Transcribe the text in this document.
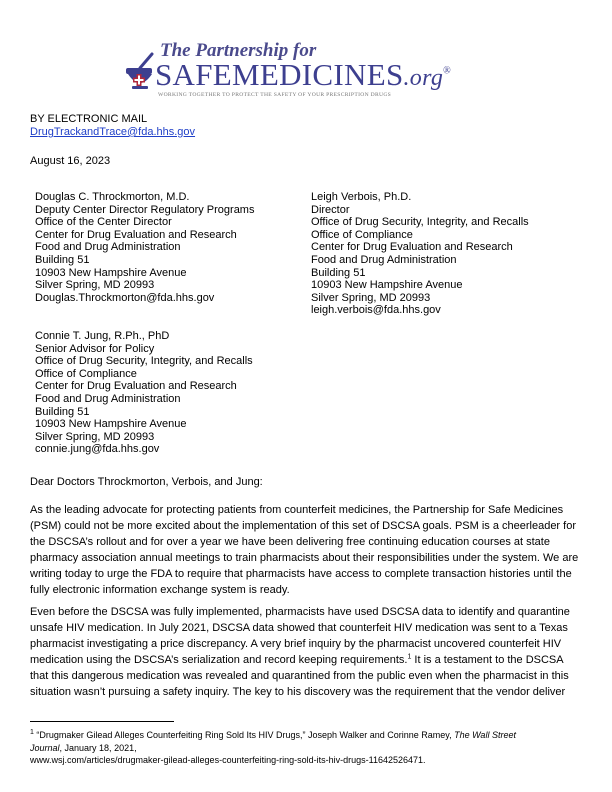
The Partnership for
SAFEMEDICINES.org®
WORKING TOGETHER TO PROTECT THE SAFETY OF YOUR PRESCRIPTION DRUGS
BY ELECTRONIC MAIL
DrugTrackandTrace@fda.hhs.gov
August 16, 2023
Douglas C. Throckmorton, M.D.
Deputy Center Director Regulatory Programs
Office of the Center Director
Center for Drug Evaluation and Research
Food and Drug Administration
Building 51
10903 New Hampshire Avenue
Silver Spring, MD 20993
Douglas.Throckmorton@fda.hhs.gov
Leigh Verbois, Ph.D.
Director
Office of Drug Security, Integrity, and Recalls
Office of Compliance
Center for Drug Evaluation and Research
Food and Drug Administration
Building 51
10903 New Hampshire Avenue
Silver Spring, MD 20993
leigh.verbois@fda.hhs.gov
Connie T. Jung, R.Ph., PhD
Senior Advisor for Policy
Office of Drug Security, Integrity, and Recalls
Office of Compliance
Center for Drug Evaluation and Research
Food and Drug Administration
Building 51
10903 New Hampshire Avenue
Silver Spring, MD 20993
connie.jung@fda.hhs.gov
Dear Doctors Throckmorton, Verbois, and Jung:
As the leading advocate for protecting patients from counterfeit medicines, the Partnership for Safe Medicines
(PSM) could not be more excited about the implementation of this set of DSCSA goals. PSM is a cheerleader for
the DSCSA’s rollout and for over a year we have been delivering free continuing education courses at state
pharmacy association annual meetings to train pharmacists about their responsibilities under the system. We are
writing today to urge the FDA to require that pharmacists have access to complete transaction histories until the
fully electronic information exchange system is ready.
Even before the DSCSA was fully implemented, pharmacists have used DSCSA data to identify and quarantine
unsafe HIV medication. In July 2021, DSCSA data showed that counterfeit HIV medication was sent to a Texas
pharmacist investigating a price discrepancy. A very brief inquiry by the pharmacist uncovered counterfeit HIV
medication using the DSCSA’s serialization and record keeping requirements.$^1$ It is a testament to the DSCSA
that this dangerous medication was revealed and quarantined from the public even when the pharmacist in this
situation wasn’t pursuing a safety inquiry. The key to his discovery was the requirement that the vendor deliver
$^1$ “Drugmaker Gilead Alleges Counterfeiting Ring Sold Its HIV Drugs,” Joseph Walker and Corinne Ramey, The Wall Street
Journal, January 18, 2021,
www.wsj.com/articles/drugmaker-gilead-alleges-counterfeiting-ring-sold-its-hiv-drugs-11642526471.
